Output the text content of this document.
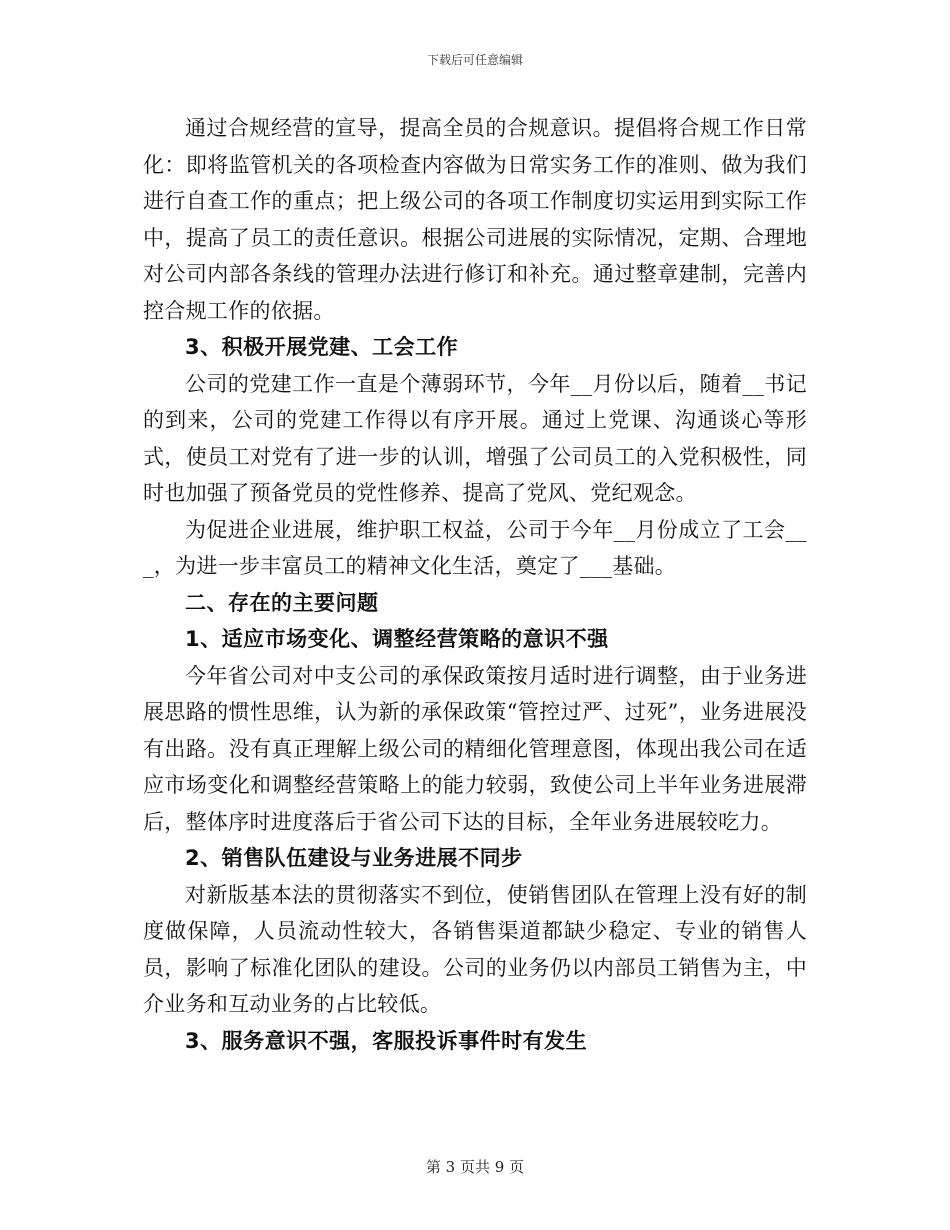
下载后可任意编辑

通过合规经营的宣导，提高全员的合规意识。提倡将合规工作日常化：即将监管机关的各项检查内容做为日常实务工作的准则、做为我们进行自查工作的重点；把上级公司的各项工作制度切实运用到实际工作中，提高了员工的责任意识。根据公司进展的实际情况，定期、合理地对公司内部各条线的管理办法进行修订和补充。通过整章建制，完善内控合规工作的依据。

3、积极开展党建、工会工作

公司的党建工作一直是个薄弱环节，今年__月份以后，随着__书记的到来，公司的党建工作得以有序开展。通过上党课、沟通谈心等形式，使员工对党有了进一步的认训，增强了公司员工的入党积极性，同时也加强了预备党员的党性修养、提高了党风、党纪观念。

为促进企业进展，维护职工权益，公司于今年__月份成立了工会___，为进一步丰富员工的精神文化生活，奠定了___基础。

二、存在的主要问题

1、适应市场变化、调整经营策略的意识不强

今年省公司对中支公司的承保政策按月适时进行调整，由于业务进展思路的惯性思维，认为新的承保政策“管控过严、过死”，业务进展没有出路。没有真正理解上级公司的精细化管理意图，体现出我公司在适应市场变化和调整经营策略上的能力较弱，致使公司上半年业务进展滞后，整体序时进度落后于省公司下达的目标，全年业务进展较吃力。

2、销售队伍建设与业务进展不同步

对新版基本法的贯彻落实不到位，使销售团队在管理上没有好的制度做保障，人员流动性较大，各销售渠道都缺少稳定、专业的销售人员，影响了标准化团队的建设。公司的业务仍以内部员工销售为主，中介业务和互动业务的占比较低。

3、服务意识不强，客服投诉事件时有发生

第 3 页共 9 页
